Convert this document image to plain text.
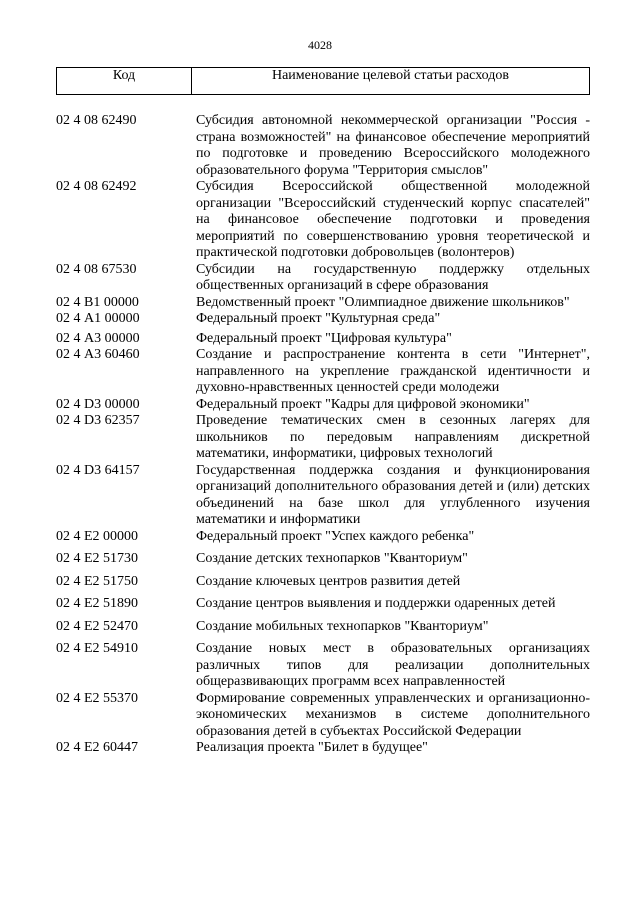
4028
Код	Наименование целевой статьи расходов
02 4 08 62490	Субсидия автономной некоммерческой организации "Россия - страна возможностей" на финансовое обеспечение мероприятий по подготовке и проведению Всероссийского молодежного образовательного форума "Территория смыслов"
02 4 08 62492	Субсидия Всероссийской общественной молодежной организации "Всероссийский студенческий корпус спасателей" на финансовое обеспечение подготовки и проведения мероприятий по совершенствованию уровня теоретической и практической подготовки добровольцев (волонтеров)
02 4 08 67530	Субсидии на государственную поддержку отдельных общественных организаций в сфере образования
02 4 В1 00000	Ведомственный проект "Олимпиадное движение школьников"
02 4 А1 00000	Федеральный проект "Культурная среда"
02 4 А3 00000	Федеральный проект "Цифровая культура"
02 4 А3 60460	Создание и распространение контента в сети "Интернет", направленного на укрепление гражданской идентичности и духовно-нравственных ценностей среди молодежи
02 4 D3 00000	Федеральный проект "Кадры для цифровой экономики"
02 4 D3 62357	Проведение тематических смен в сезонных лагерях для школьников по передовым направлениям дискретной математики, информатики, цифровых технологий
02 4 D3 64157	Государственная поддержка создания и функционирования организаций дополнительного образования детей и (или) детских объединений на базе школ для углубленного изучения математики и информатики
02 4 Е2 00000	Федеральный проект "Успех каждого ребенка"
02 4 Е2 51730	Создание детских технопарков "Кванториум"
02 4 Е2 51750	Создание ключевых центров развития детей
02 4 Е2 51890	Создание центров выявления и поддержки одаренных детей
02 4 Е2 52470	Создание мобильных технопарков "Кванториум"
02 4 Е2 54910	Создание новых мест в образовательных организациях различных типов для реализации дополнительных общеразвивающих программ всех направленностей
02 4 Е2 55370	Формирование современных управленческих и организационно-экономических механизмов в системе дополнительного образования детей в субъектах Российской Федерации
02 4 Е2 60447	Реализация проекта "Билет в будущее"
